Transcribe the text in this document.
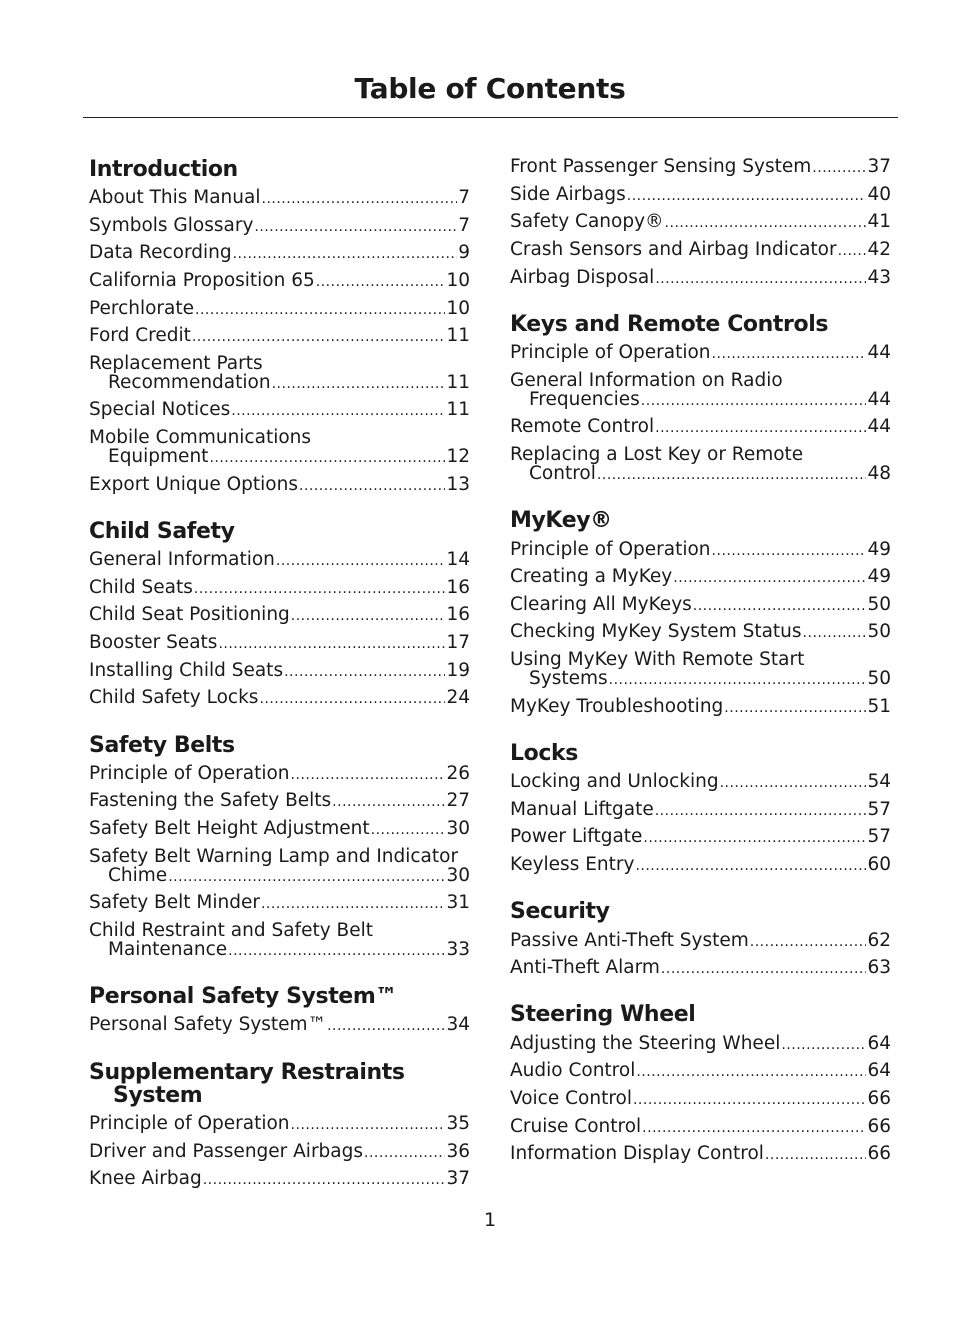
Table of Contents
Introduction
About This Manual .....	7
Symbols Glossary .....	7
Data Recording .....	9
California Proposition 65 .....	10
Perchlorate .....	10
Ford Credit .....	11
Replacement Parts
Recommendation .....	11
Special Notices .....	11
Mobile Communications
Equipment .....	12
Export Unique Options .....	13
Child Safety
General Information .....	14
Child Seats .....	16
Child Seat Positioning .....	16
Booster Seats .....	17
Installing Child Seats .....	19
Child Safety Locks .....	24
Safety Belts
Principle of Operation .....	26
Fastening the Safety Belts .....	27
Safety Belt Height Adjustment .....	30
Safety Belt Warning Lamp and Indicator
Chime .....	30
Safety Belt Minder .....	31
Child Restraint and Safety Belt
Maintenance .....	33
Personal Safety System™
Personal Safety System™ .....	34
Supplementary Restraints
System
Principle of Operation .....	35
Driver and Passenger Airbags .....	36
Knee Airbag .....	37
Front Passenger Sensing System .....	37
Side Airbags .....	40
Safety Canopy® .....	41
Crash Sensors and Airbag Indicator ..... 42
Airbag Disposal .....	43
Keys and Remote Controls
Principle of Operation .....	44
General Information on Radio
Frequencies .....	44
Remote Control .....	44
Replacing a Lost Key or Remote
Control .....	48
MyKey®
Principle of Operation .....	49
Creating a MyKey .....	49
Clearing All MyKeys .....	50
Checking MyKey System Status .....	50
Using MyKey With Remote Start
Systems .....	50
MyKey Troubleshooting .....	51
Locks
Locking and Unlocking .....	54
Manual Liftgate .....	57
Power Liftgate .....	57
Keyless Entry .....	60
Security
Passive Anti-Theft System .....	62
Anti-Theft Alarm .....	63
Steering Wheel
Adjusting the Steering Wheel .....	64
Audio Control .....	64
Voice Control .....	66
Cruise Control .....	66
Information Display Control .....	66
1
